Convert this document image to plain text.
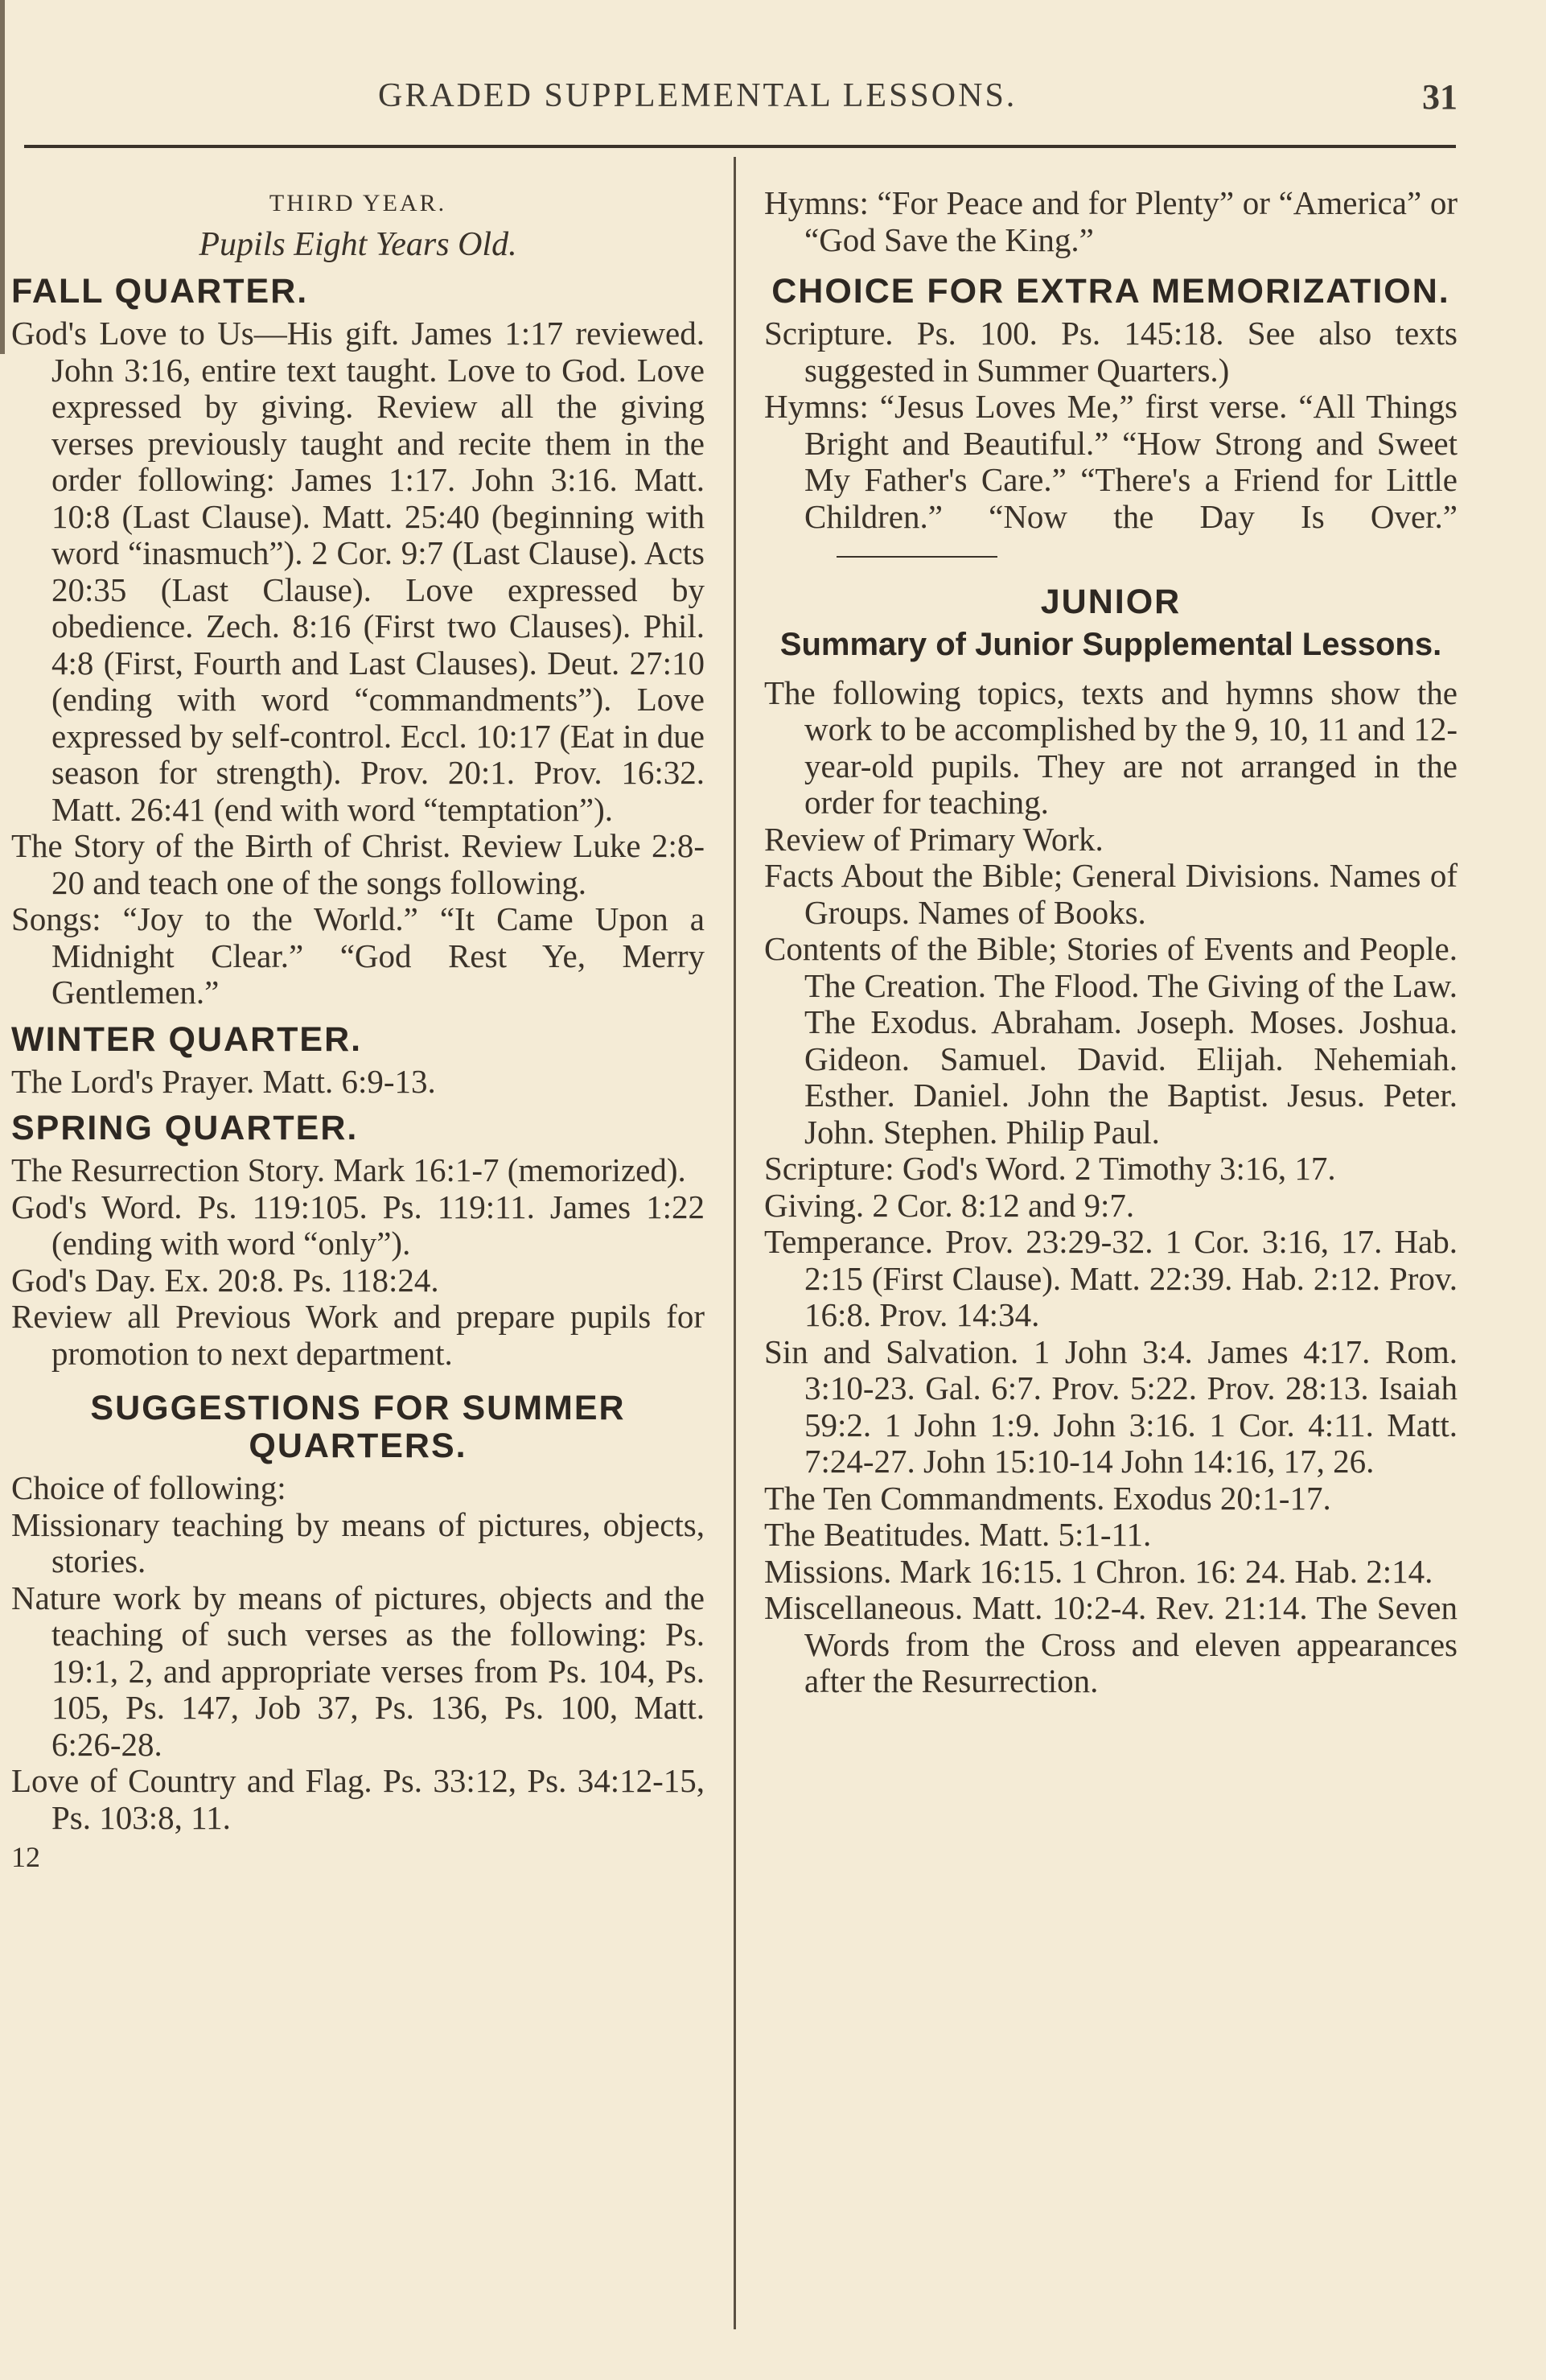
GRADED SUPPLEMENTAL LESSONS.	31
THIRD YEAR.
Pupils Eight Years Old.
FALL QUARTER.

God's Love to Us—His gift. James 1:17 reviewed. John 3:16, entire text taught. Love to God. Love expressed by giving. Review all the giving verses previously taught and recite them in the order following: James 1:17. John 3:16. Matt. 10:8 (Last Clause). Matt. 25:40 (beginning with word “inasmuch”). 2 Cor. 9:7 (Last Clause). Acts 20:35 (Last Clause). Love expressed by obedience. Zech. 8:16 (First two Clauses). Phil. 4:8 (First, Fourth and Last Clauses). Deut. 27:10 (ending with word “commandments”). Love expressed by self-control. Eccl. 10:17 (Eat in due season for strength). Prov. 20:1. Prov. 16:32. Matt. 26:41 (end with word “temptation”).

The Story of the Birth of Christ. Review Luke 2:8-20 and teach one of the songs following.

Songs: “Joy to the World.” “It Came Upon a Midnight Clear.” “God Rest Ye, Merry Gentlemen.”

WINTER QUARTER.

The Lord's Prayer. Matt. 6:9-13.

SPRING QUARTER.

The Resurrection Story. Mark 16:1-7 (memorized).

God's Word. Ps. 119:105. Ps. 119:11. James 1:22 (ending with word “only”).

God's Day. Ex. 20:8. Ps. 118:24.

Review all Previous Work and prepare pupils for promotion to next department.

SUGGESTIONS FOR SUMMER
QUARTERS.

Choice of following:

Missionary teaching by means of pictures, objects, stories.

Nature work by means of pictures, objects and the teaching of such verses as the following: Ps. 19:1, 2, and appropriate verses from Ps. 104, Ps. 105, Ps. 147, Job 37, Ps. 136, Ps. 100, Matt. 6:26-28.

Love of Country and Flag. Ps. 33:12, Ps. 34:12-15, Ps. 103:8, 11.

12

Hymns: “For Peace and for Plenty” or “America” or “God Save the King.”

CHOICE FOR EXTRA MEMORIZATION.

Scripture. Ps. 100. Ps. 145:18. See also texts suggested in Summer Quarters.)

Hymns: “Jesus Loves Me,” first verse. “All Things Bright and Beautiful.” “How Strong and Sweet My Father's Care.” “There's a Friend for Little Children.” “Now the Day Is Over.”

JUNIOR
Summary of Junior Supplemental Lessons.

The following topics, texts and hymns show the work to be accomplished by the 9, 10, 11 and 12-year-old pupils. They are not arranged in the order for teaching.

Review of Primary Work.

Facts About the Bible; General Divisions. Names of Groups. Names of Books.

Contents of the Bible; Stories of Events and People. The Creation. The Flood. The Giving of the Law. The Exodus. Abraham. Joseph. Moses. Joshua. Gideon. Samuel. David. Elijah. Nehemiah. Esther. Daniel. John the Baptist. Jesus. Peter. John. Stephen. Philip Paul.

Scripture: God's Word. 2 Timothy 3:16, 17.

Giving. 2 Cor. 8:12 and 9:7.

Temperance. Prov. 23:29-32. 1 Cor. 3:16, 17. Hab. 2:15 (First Clause). Matt. 22:39. Hab. 2:12. Prov. 16:8. Prov. 14:34.

Sin and Salvation. 1 John 3:4. James 4:17. Rom. 3:10-23. Gal. 6:7. Prov. 5:22. Prov. 28:13. Isaiah 59:2. 1 John 1:9. John 3:16. 1 Cor. 4:11. Matt. 7:24-27. John 15:10-14 John 14:16, 17, 26.

The Ten Commandments. Exodus 20:1-17.

The Beatitudes. Matt. 5:1-11.

Missions. Mark 16:15. 1 Chron. 16: 24. Hab. 2:14.

Miscellaneous. Matt. 10:2-4. Rev. 21:14. The Seven Words from the Cross and eleven appearances after the Resurrection.
